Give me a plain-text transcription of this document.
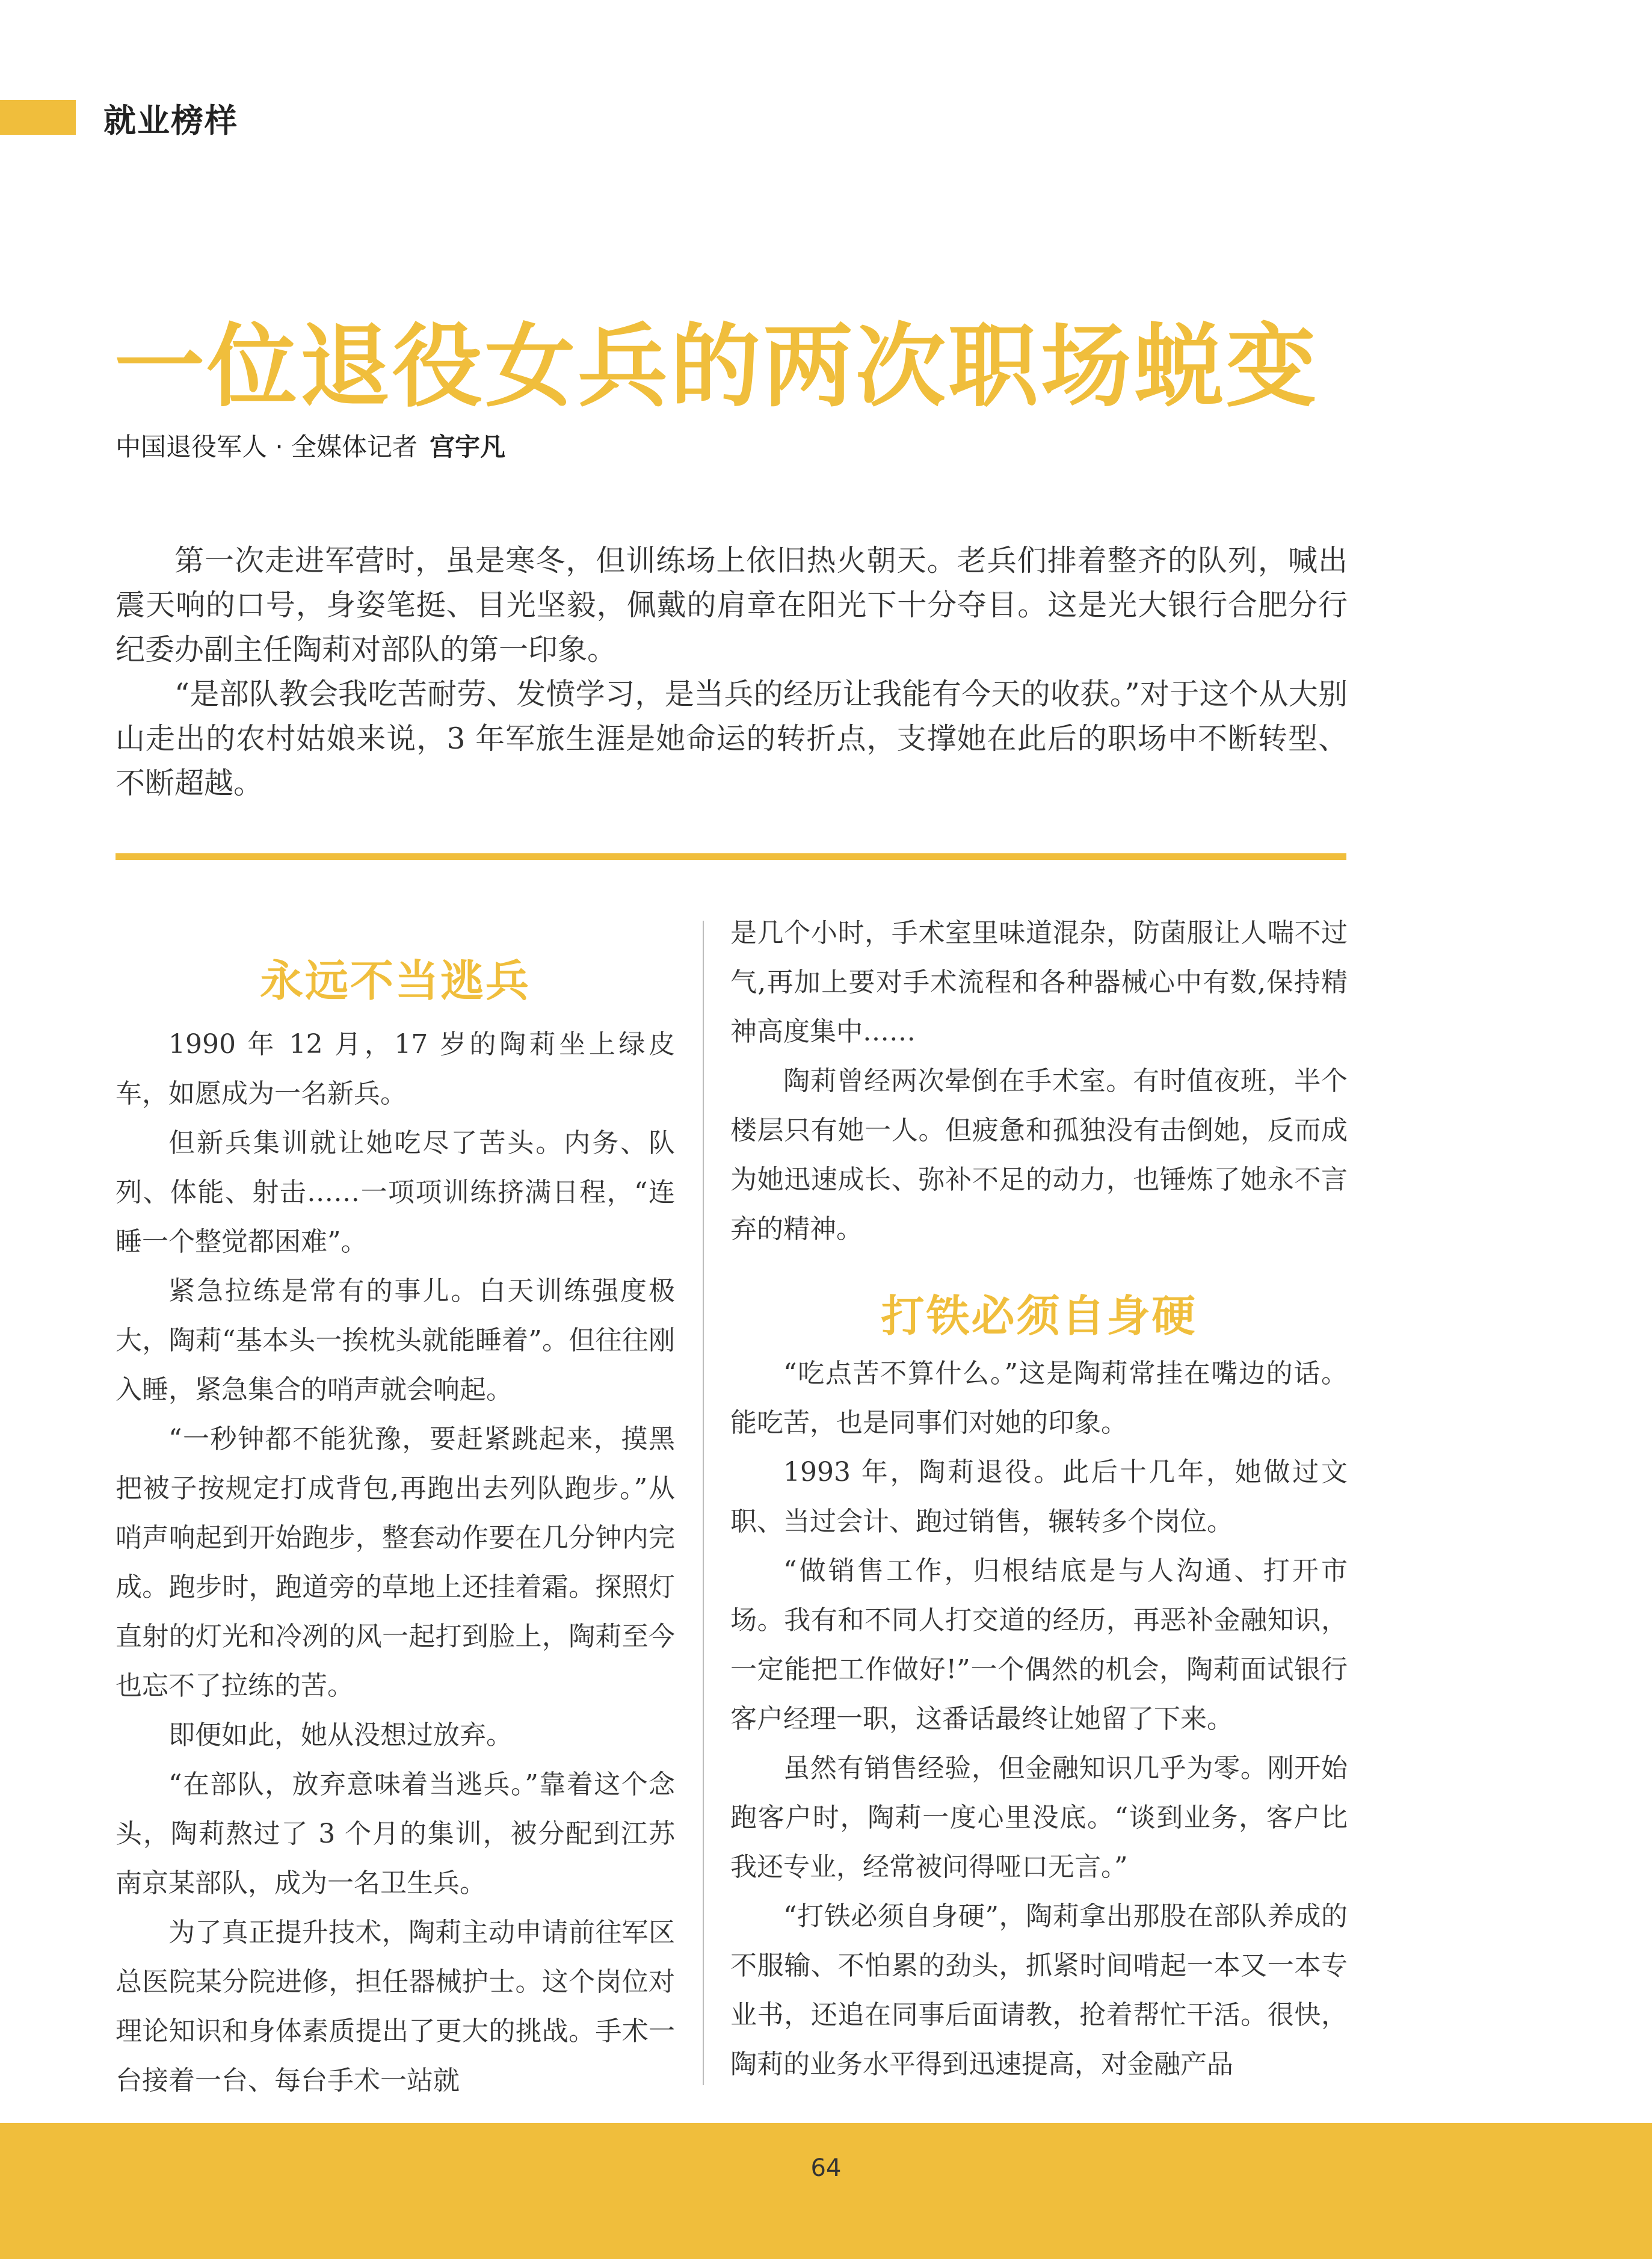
就业榜样
一位退役女兵的两次职场蜕变
中国退役军人 · 全媒体记者 宫宇凡

第一次走进军营时，虽是寒冬，但训练场上依旧热火朝天。老兵们排着整齐的队列，喊出震天响的口号，身姿笔挺、目光坚毅，佩戴的肩章在阳光下十分夺目。这是光大银行合肥分行纪委办副主任陶莉对部队的第一印象。

“是部队教会我吃苦耐劳、发愤学习，是当兵的经历让我能有今天的收获。”对于这个从大别山走出的农村姑娘来说，3 年军旅生涯是她命运的转折点，支撑她在此后的职场中不断转型、不断超越。

永远不当逃兵

1990 年 12 月，17 岁的陶莉坐上绿皮车，如愿成为一名新兵。

但新兵集训就让她吃尽了苦头。内务、队列、体能、射击……一项项训练挤满日程，“连睡一个整觉都困难”。

紧急拉练是常有的事儿。白天训练强度极大，陶莉“基本头一挨枕头就能睡着”。但往往刚入睡，紧急集合的哨声就会响起。

“一秒钟都不能犹豫，要赶紧跳起来，摸黑把被子按规定打成背包,再跑出去列队跑步。”从哨声响起到开始跑步，整套动作要在几分钟内完成。跑步时，跑道旁的草地上还挂着霜。探照灯直射的灯光和冷冽的风一起打到脸上，陶莉至今也忘不了拉练的苦。

即便如此，她从没想过放弃。

“在部队，放弃意味着当逃兵。”靠着这个念头，陶莉熬过了 3 个月的集训，被分配到江苏南京某部队，成为一名卫生兵。

为了真正提升技术，陶莉主动申请前往军区总医院某分院进修，担任器械护士。这个岗位对理论知识和身体素质提出了更大的挑战。手术一台接着一台、每台手术一站就

是几个小时，手术室里味道混杂，防菌服让人喘不过气,再加上要对手术流程和各种器械心中有数,保持精神高度集中……

陶莉曾经两次晕倒在手术室。有时值夜班，半个楼层只有她一人。但疲惫和孤独没有击倒她，反而成为她迅速成长、弥补不足的动力，也锤炼了她永不言弃的精神。

打铁必须自身硬

“吃点苦不算什么。”这是陶莉常挂在嘴边的话。能吃苦，也是同事们对她的印象。

1993 年，陶莉退役。此后十几年，她做过文职、当过会计、跑过销售，辗转多个岗位。

“做销售工作，归根结底是与人沟通、打开市场。我有和不同人打交道的经历，再恶补金融知识，一定能把工作做好!”一个偶然的机会，陶莉面试银行客户经理一职，这番话最终让她留了下来。

虽然有销售经验，但金融知识几乎为零。刚开始跑客户时，陶莉一度心里没底。“谈到业务，客户比我还专业，经常被问得哑口无言。”

“打铁必须自身硬”，陶莉拿出那股在部队养成的不服输、不怕累的劲头，抓紧时间啃起一本又一本专业书，还追在同事后面请教，抢着帮忙干活。很快，陶莉的业务水平得到迅速提高，对金融产品

64
